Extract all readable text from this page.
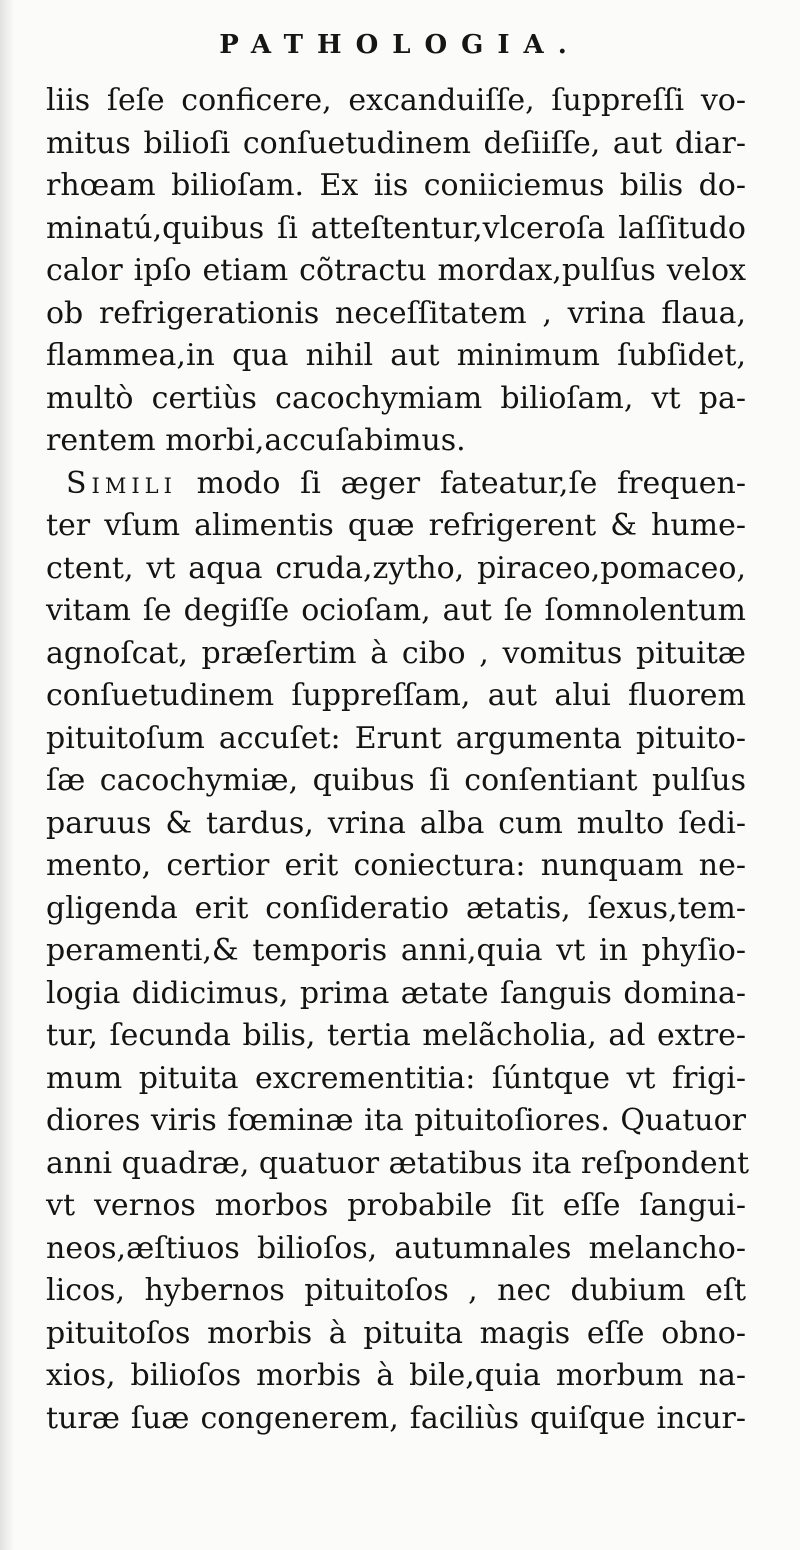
PATHOLOGIA.
liis ſeſe conficere, excanduiſſe, ſuppreſſi vo-
mitus bilioſi conſuetudinem deſiiſſe, aut diar-
rhœam bilioſam. Ex iis coniiciemus bilis do-
minatú,quibus ſi atteſtentur,vlceroſa laſſitudo
calor ipſo etiam cõtractu mordax,pulſus velox
ob refrigerationis neceſſitatem , vrina flaua,
flammea,in qua nihil aut minimum ſubſidet,
multò certiùs cacochymiam bilioſam, vt pa-
rentem morbi,accuſabimus.
Simili modo ſi æger fateatur,ſe frequen-
ter vſum alimentis quæ refrigerent & hume-
ctent, vt aqua cruda,zytho, piraceo,pomaceo,
vitam ſe degiſſe ocioſam, aut ſe ſomnolentum
agnoſcat, præſertim à cibo , vomitus pituitæ
conſuetudinem ſuppreſſam, aut alui fluorem
pituitoſum accuſet: Erunt argumenta pituito-
ſæ cacochymiæ, quibus ſi conſentiant pulſus
paruus & tardus, vrina alba cum multo ſedi-
mento, certior erit coniectura: nunquam ne-
gligenda erit conſideratio ætatis, ſexus,tem-
peramenti,& temporis anni,quia vt in phyſio-
logia didicimus, prima ætate ſanguis domina-
tur, ſecunda bilis, tertia melãcholia, ad extre-
mum pituita excrementitia: ſúntque vt frigi-
diores viris fœminæ ita pituitoſiores. Quatuor
anni quadræ, quatuor ætatibus ita reſpondent
vt vernos morbos probabile ſit eſſe ſangui-
neos,æſtiuos bilioſos, autumnales melancho-
licos, hybernos pituitoſos , nec dubium eſt
pituitoſos morbis à pituita magis eſſe obno-
xios, bilioſos morbis à bile,quia morbum na-
turæ ſuæ congenerem, faciliùs quiſque incur-
